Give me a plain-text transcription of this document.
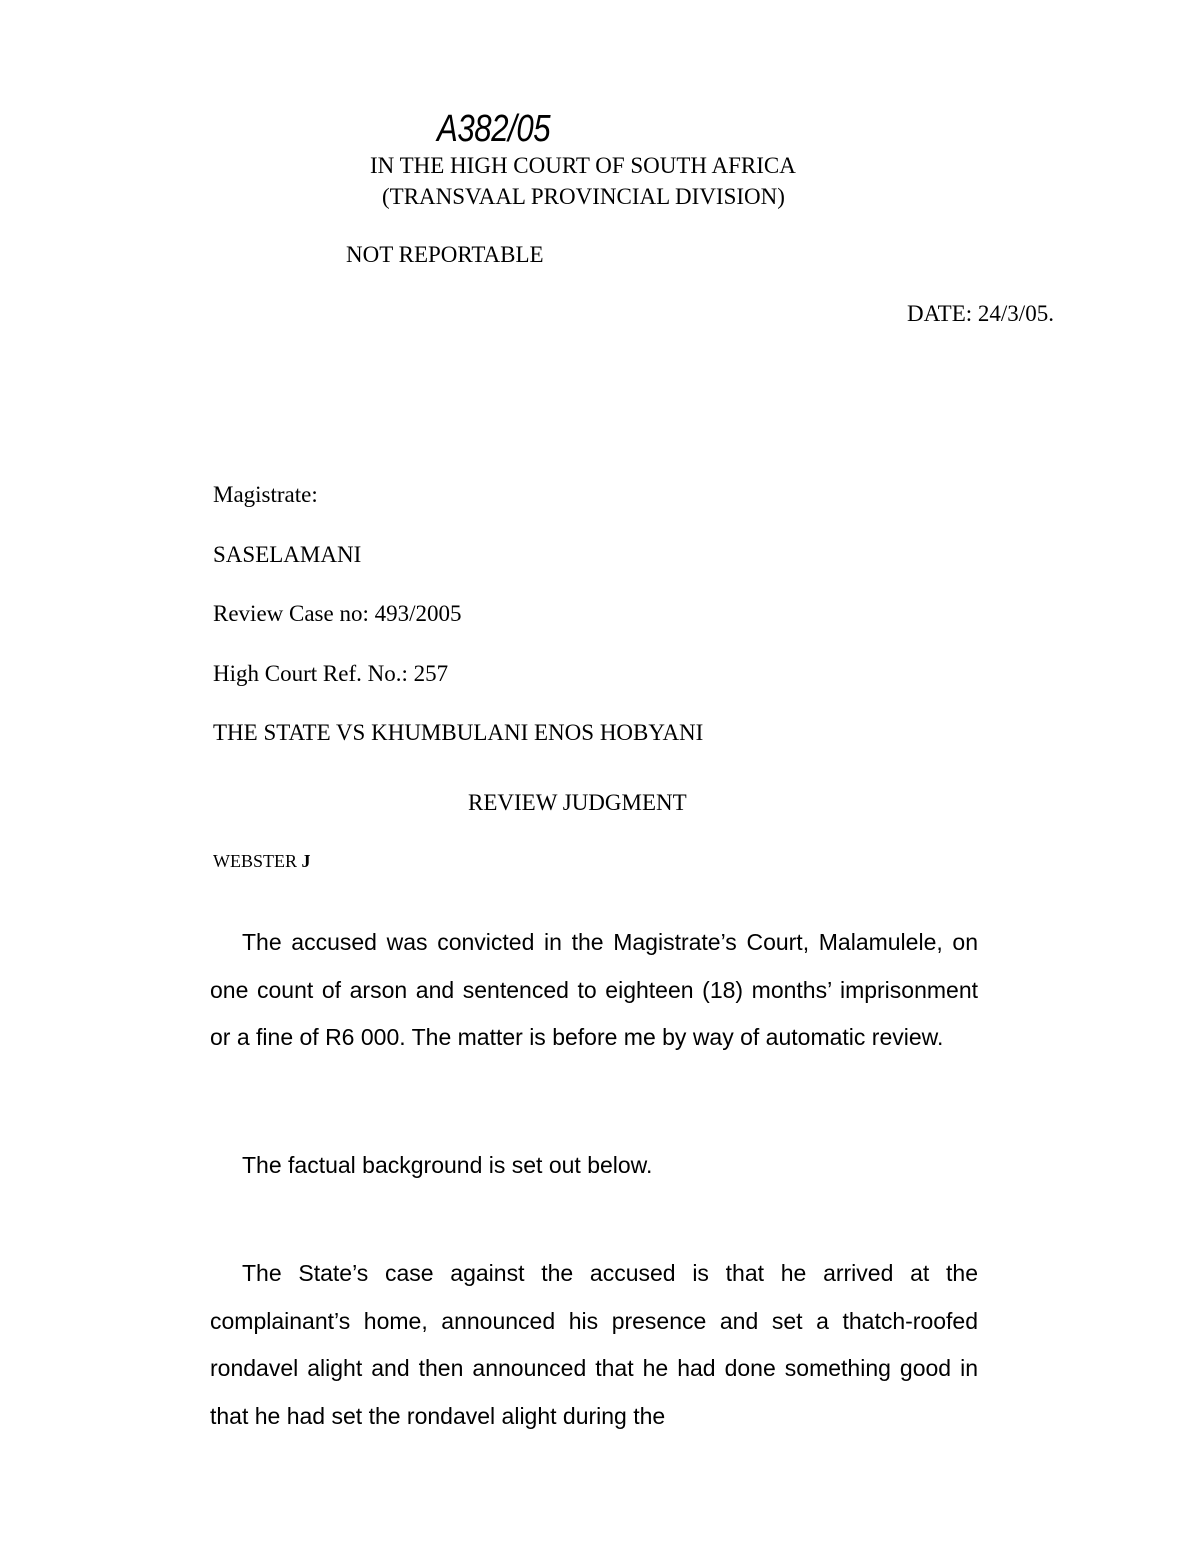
A382/05
IN THE HIGH COURT OF SOUTH AFRICA
(TRANSVAAL PROVINCIAL DIVISION)
NOT REPORTABLE
DATE: 24/3/05.
Magistrate:
SASELAMANI
Review Case no: 493/2005
High Court Ref. No.: 257
THE STATE VS KHUMBULANI ENOS HOBYANI
REVIEW JUDGMENT
WEBSTER J

The accused was convicted in the Magistrate’s Court, Malamulele, on one count of arson and sentenced to eighteen (18) months’ imprisonment or a fine of R6 000. The matter is before me by way of automatic review.

The factual background is set out below.

The State’s case against the accused is that he arrived at the complainant’s home, announced his presence and set a thatch-roofed rondavel alight and then announced that he had done something good in that he had set the rondavel alight during the
